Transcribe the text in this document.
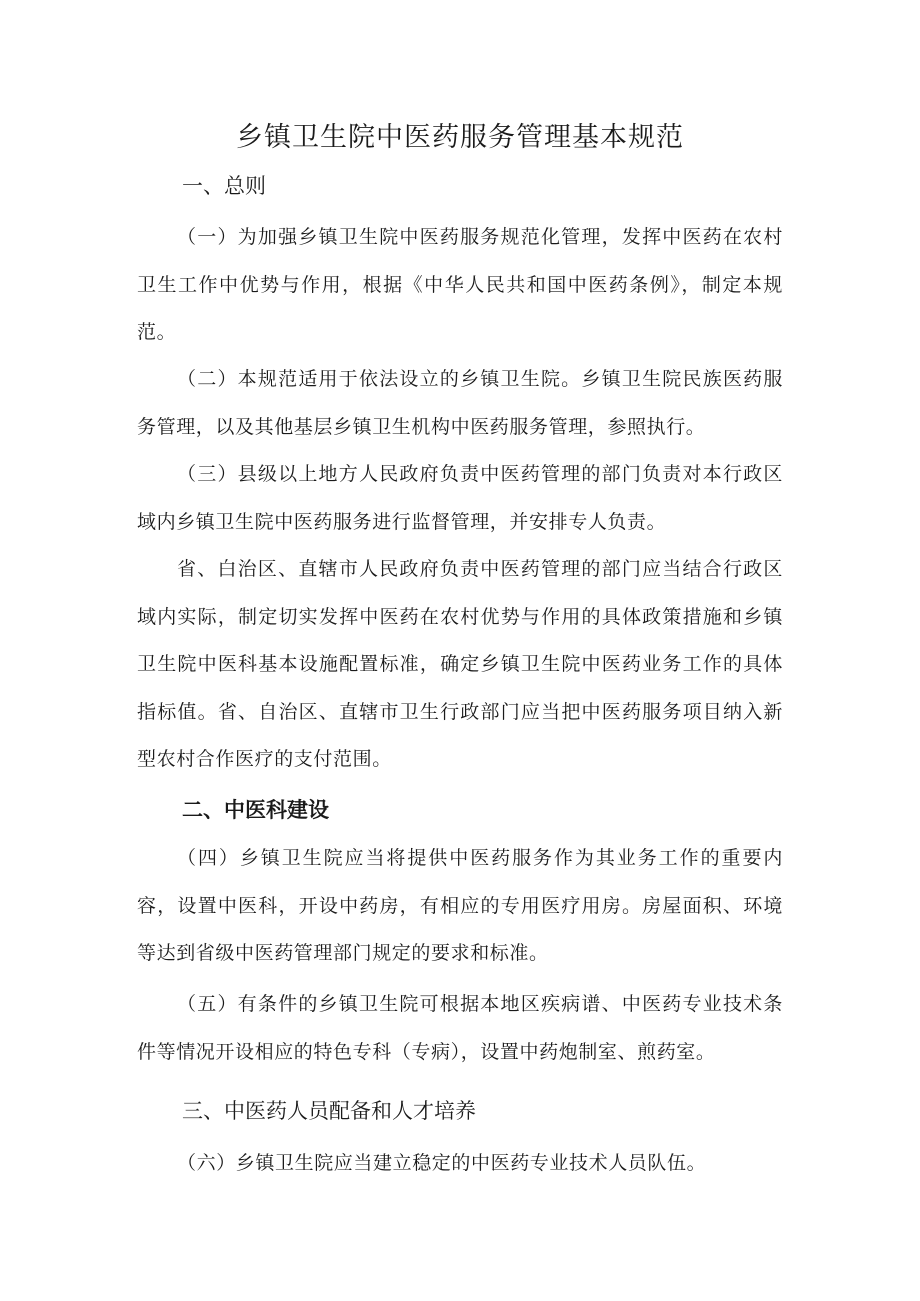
乡镇卫生院中医药服务管理基本规范
一、总则

（一）为加强乡镇卫生院中医药服务规范化管理，发挥中医药在农村卫生工作中优势与作用，根据《中华人民共和国中医药条例》，制定本规范。

（二）本规范适用于依法设立的乡镇卫生院。乡镇卫生院民族医药服务管理，以及其他基层乡镇卫生机构中医药服务管理，参照执行。

（三）县级以上地方人民政府负责中医药管理的部门负责对本行政区域内乡镇卫生院中医药服务进行监督管理，并安排专人负责。

省、白治区、直辖市人民政府负责中医药管理的部门应当结合行政区域内实际，制定切实发挥中医药在农村优势与作用的具体政策措施和乡镇卫生院中医科基本设施配置标准，确定乡镇卫生院中医药业务工作的具体指标值。省、自治区、直辖市卫生行政部门应当把中医药服务项目纳入新型农村合作医疗的支付范围。

二、中医科建设

（四）乡镇卫生院应当将提供中医药服务作为其业务工作的重要内容，设置中医科，开设中药房，有相应的专用医疗用房。房屋面积、环境等达到省级中医药管理部门规定的要求和标准。

（五）有条件的乡镇卫生院可根据本地区疾病谱、中医药专业技术条件等情况开设相应的特色专科（专病），设置中药炮制室、煎药室。

三、中医药人员配备和人才培养

（六）乡镇卫生院应当建立稳定的中医药专业技术人员队伍。
